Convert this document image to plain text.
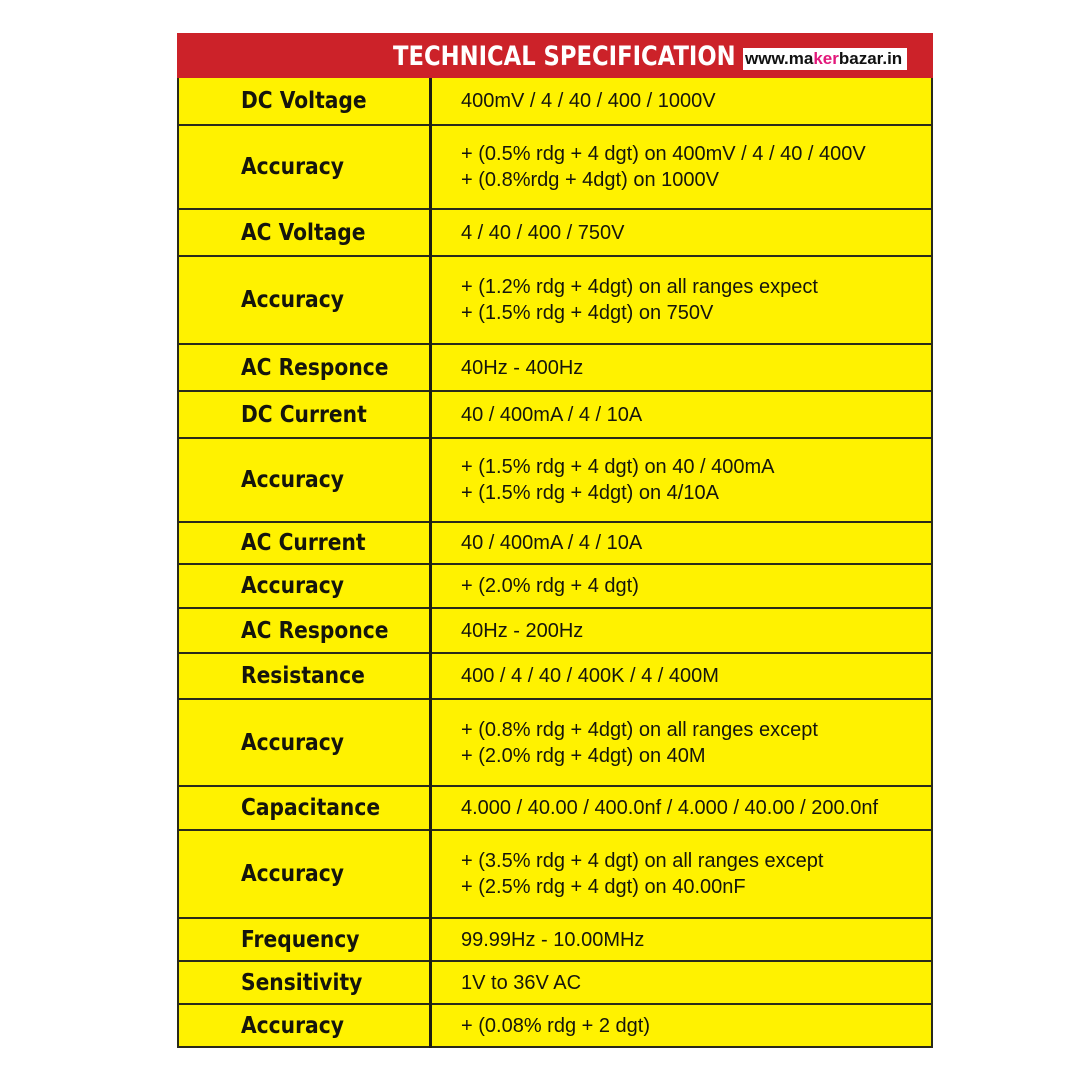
TECHNICAL SPECIFICATION www.makerbazar.in
DC Voltage	400mV / 4 / 40 / 400 / 1000V
Accuracy	+ (0.5% rdg + 4 dgt) on 400mV / 4 / 40 / 400V
+ (0.8%rdg + 4dgt) on 1000V
AC Voltage	4 / 40 / 400 / 750V
Accuracy	+ (1.2% rdg + 4dgt) on all ranges expect
+ (1.5% rdg + 4dgt) on 750V
AC Responce	40Hz - 400Hz
DC Current	40 / 400mA / 4 / 10A
Accuracy	+ (1.5% rdg + 4 dgt) on 40 / 400mA
+ (1.5% rdg + 4dgt) on 4/10A
AC Current	40 / 400mA / 4 / 10A
Accuracy	+ (2.0% rdg + 4 dgt)
AC Responce	40Hz - 200Hz
Resistance	400 / 4 / 40 / 400K / 4 / 400M
Accuracy	+ (0.8% rdg + 4dgt) on all ranges except
+ (2.0% rdg + 4dgt) on 40M
Capacitance	4.000 / 40.00 / 400.0nf / 4.000 / 40.00 / 200.0nf
Accuracy	+ (3.5% rdg + 4 dgt) on all ranges except
+ (2.5% rdg + 4 dgt) on 40.00nF
Frequency	99.99Hz - 10.00MHz
Sensitivity	1V to 36V AC
Accuracy	+ (0.08% rdg + 2 dgt)
